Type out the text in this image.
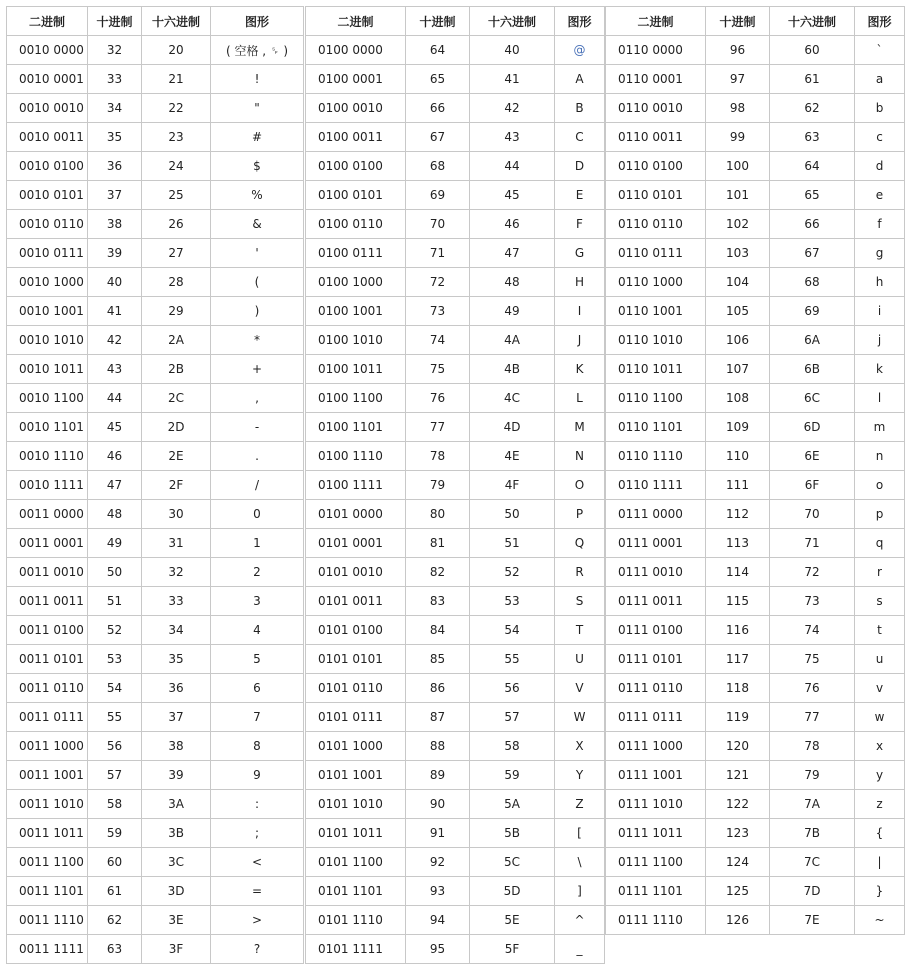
二进制	十进制	十六进制	图形
0010 0000	32	20	( 空格 , ␠ )
0010 0001	33	21	!
0010 0010	34	22	"
0010 0011	35	23	#
0010 0100	36	24	$
0010 0101	37	25	%
0010 0110	38	26	&
0010 0111	39	27	'
0010 1000	40	28	(
0010 1001	41	29	)
0010 1010	42	2A	*
0010 1011	43	2B	+
0010 1100	44	2C	,
0010 1101	45	2D	-
0010 1110	46	2E	.
0010 1111	47	2F	/
0011 0000	48	30	0
0011 0001	49	31	1
0011 0010	50	32	2
0011 0011	51	33	3
0011 0100	52	34	4
0011 0101	53	35	5
0011 0110	54	36	6
0011 0111	55	37	7
0011 1000	56	38	8
0011 1001	57	39	9
0011 1010	58	3A	:
0011 1011	59	3B	;
0011 1100	60	3C	<
0011 1101	61	3D	=
0011 1110	62	3E	>
0011 1111	63	3F	?
二进制	十进制	十六进制	图形
0100 0000	64	40	@
0100 0001	65	41	A
0100 0010	66	42	B
0100 0011	67	43	C
0100 0100	68	44	D
0100 0101	69	45	E
0100 0110	70	46	F
0100 0111	71	47	G
0100 1000	72	48	H
0100 1001	73	49	I
0100 1010	74	4A	J
0100 1011	75	4B	K
0100 1100	76	4C	L
0100 1101	77	4D	M
0100 1110	78	4E	N
0100 1111	79	4F	O
0101 0000	80	50	P
0101 0001	81	51	Q
0101 0010	82	52	R
0101 0011	83	53	S
0101 0100	84	54	T
0101 0101	85	55	U
0101 0110	86	56	V
0101 0111	87	57	W
0101 1000	88	58	X
0101 1001	89	59	Y
0101 1010	90	5A	Z
0101 1011	91	5B	[
0101 1100	92	5C	\
0101 1101	93	5D	]
0101 1110	94	5E	^
0101 1111	95	5F	_
二进制	十进制	十六进制	图形
0110 0000	96	60	`
0110 0001	97	61	a
0110 0010	98	62	b
0110 0011	99	63	c
0110 0100	100	64	d
0110 0101	101	65	e
0110 0110	102	66	f
0110 0111	103	67	g
0110 1000	104	68	h
0110 1001	105	69	i
0110 1010	106	6A	j
0110 1011	107	6B	k
0110 1100	108	6C	l
0110 1101	109	6D	m
0110 1110	110	6E	n
0110 1111	111	6F	o
0111 0000	112	70	p
0111 0001	113	71	q
0111 0010	114	72	r
0111 0011	115	73	s
0111 0100	116	74	t
0111 0101	117	75	u
0111 0110	118	76	v
0111 0111	119	77	w
0111 1000	120	78	x
0111 1001	121	79	y
0111 1010	122	7A	z
0111 1011	123	7B	{
0111 1100	124	7C	|
0111 1101	125	7D	}
0111 1110	126	7E	~
